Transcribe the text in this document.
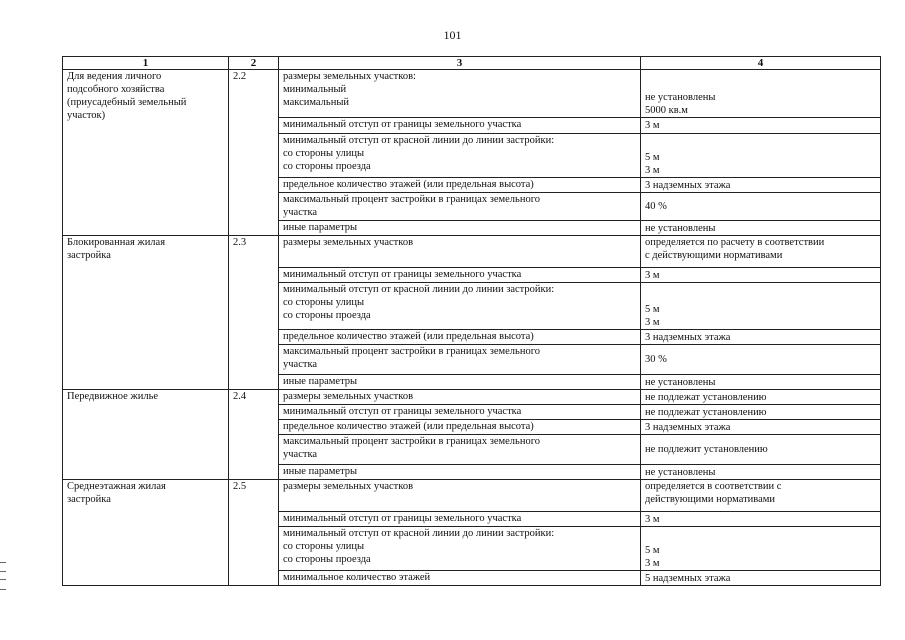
101
1	2	3	4

Для ведения личного
подсобного хозяйства
(приусадебный земельный
участок)	2.2	размеры земельных участков:
минимальный
максимальный	не установлены
5000 кв.м

		минимальный отступ от границы земельного участка	3 м

		минимальный отступ от красной линии до линии застройки:
со стороны улицы
со стороны проезда	5 м
3 м

		предельное количество этажей (или предельная высота)	3 надземных этажа

		максимальный процент застройки в границах земельного
участка	40 %

		иные параметры	не установлены

Блокированная жилая
застройка	2.3	размеры земельных участков	определяется по расчету в соответствии
с действующими нормативами

		минимальный отступ от границы земельного участка	3 м

		минимальный отступ от красной линии до линии застройки:
со стороны улицы
со стороны проезда	5 м
3 м

		предельное количество этажей (или предельная высота)	3 надземных этажа

		максимальный процент застройки в границах земельного
участка	30 %

		иные параметры	не установлены

Передвижное жилье	2.4	размеры земельных участков	не подлежат установлению

		минимальный отступ от границы земельного участка	не подлежат установлению

		предельное количество этажей (или предельная высота)	3 надземных этажа

		максимальный процент застройки в границах земельного
участка	не подлежит установлению

		иные параметры	не установлены

Среднеэтажная жилая
застройка	2.5	размеры земельных участков	определяется в соответствии с
действующими нормативами

		минимальный отступ от границы земельного участка	3 м

		минимальный отступ от красной линии до линии застройки:
со стороны улицы
со стороны проезда	5 м
3 м

		минимальное количество этажей	5 надземных этажа
